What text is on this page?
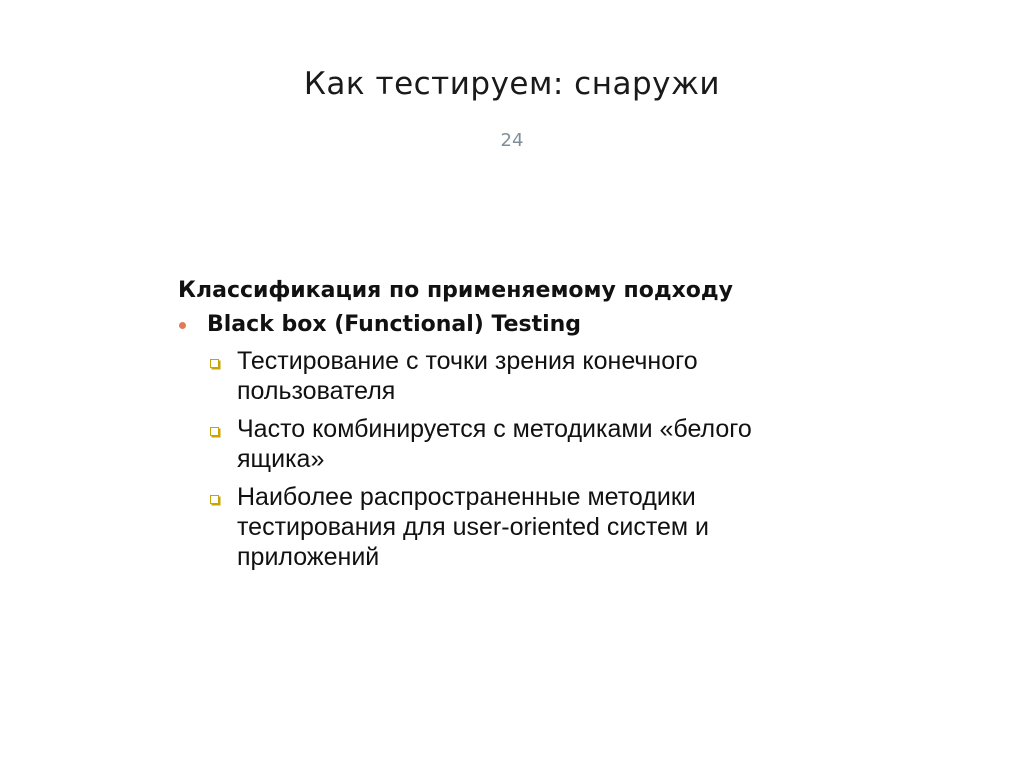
Как тестируем: снаружи
24

Классификация по применяемому подходу

Black box (Functional) Testing
Тестирование с точки зрения конечного пользователя
Часто комбинируется с методиками «белого ящика»
Наиболее распространенные методики тестирования для user-oriented систем и приложений
